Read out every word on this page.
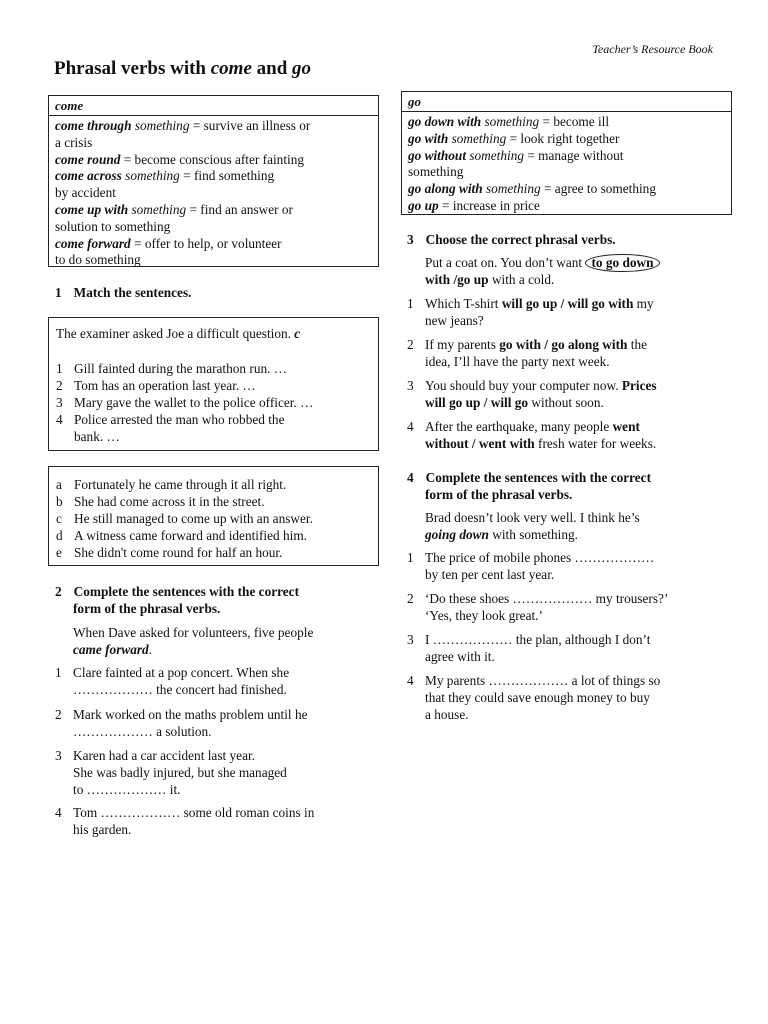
Teacher’s Resource Book
Phrasal verbs with come and go
come
come through something = survive an illness or
a crisis
come round = become conscious after fainting
come across something = find something
by accident
come up with something = find an answer or
solution to something
come forward = offer to help, or volunteer
to do something
go
go down with something = become ill
go with something = look right together
go without something = manage without
something
go along with something = agree to something
go up = increase in price
1 Match the sentences.
The examiner asked Joe a difficult question. c
1 Gill fainted during the marathon run. …
2 Tom has an operation last year. …
3 Mary gave the wallet to the police officer. …
4 Police arrested the man who robbed the
bank. …
a Fortunately he came through it all right.
b She had come across it in the street.
c He still managed to come up with an answer.
d A witness came forward and identified him.
e She didn't come round for half an hour.
2 Complete the sentences with the correct
form of the phrasal verbs.
When Dave asked for volunteers, five people
came forward.
1 Clare fainted at a pop concert. When she
……………… the concert had finished.
2 Mark worked on the maths problem until he
……………… a solution.
3 Karen had a car accident last year.
She was badly injured, but she managed
to ……………… it.
4 Tom ……………… some old roman coins in
his garden.
3 Choose the correct phrasal verbs.
Put a coat on. You don’t want to go down
with /go up with a cold.
1 Which T-shirt will go up / will go with my
new jeans?
2 If my parents go with / go along with the
idea, I’ll have the party next week.
3 You should buy your computer now. Prices
will go up / will go without soon.
4 After the earthquake, many people went
without / went with fresh water for weeks.
4 Complete the sentences with the correct
form of the phrasal verbs.
Brad doesn’t look very well. I think he’s
going down with something.
1 The price of mobile phones ………………
by ten per cent last year.
2 ‘Do these shoes ……………… my trousers?’
‘Yes, they look great.’
3 I ……………… the plan, although I don’t
agree with it.
4 My parents ……………… a lot of things so
that they could save enough money to buy
a house.
